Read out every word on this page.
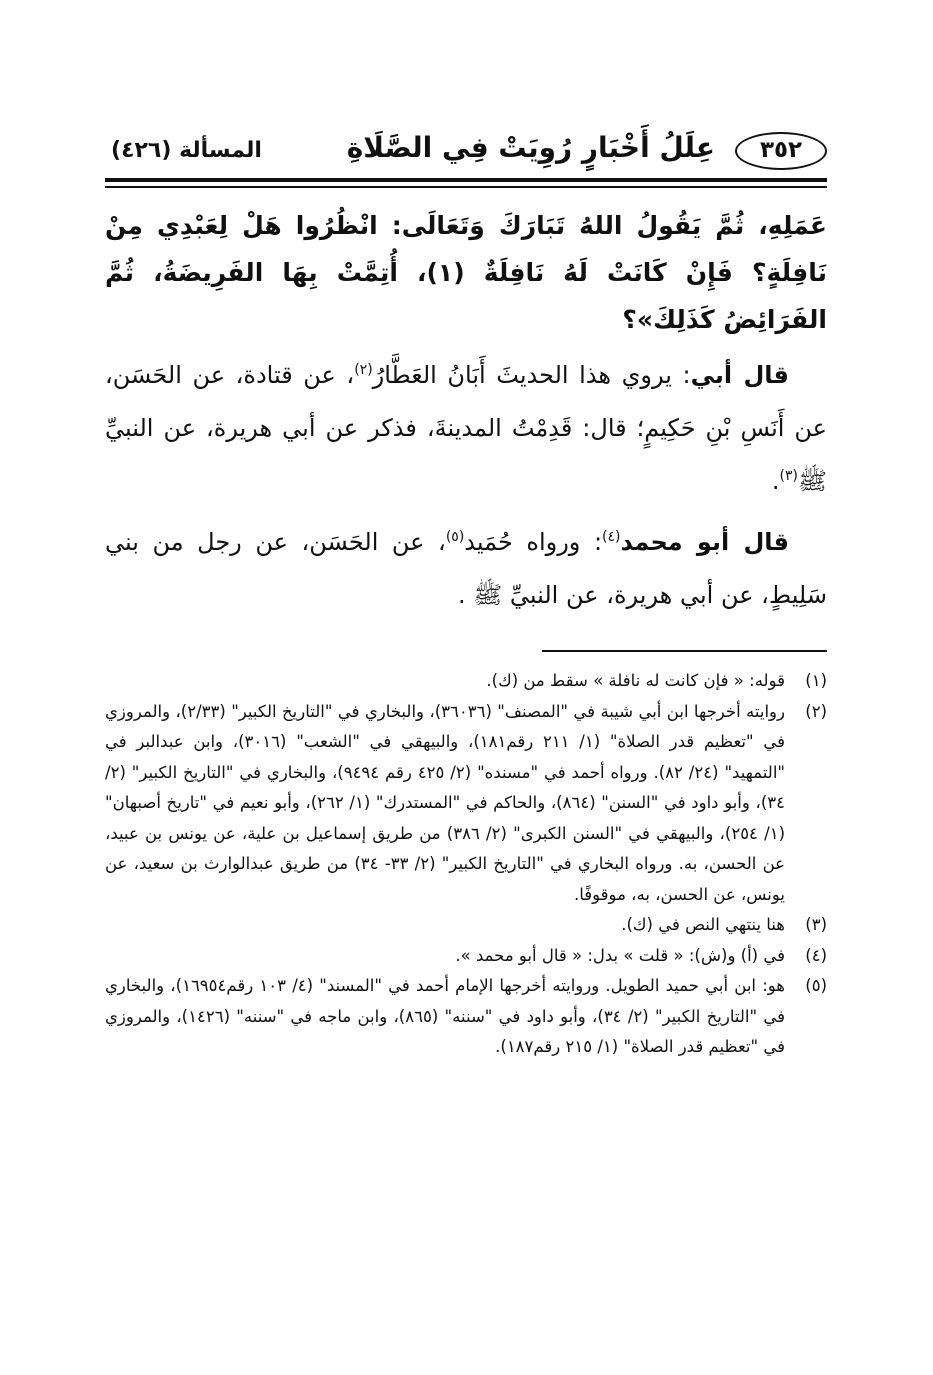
٣٥٢
عِلَلُ أَخْبَارٍ رُوِيَتْ فِي الصَّلَاةِ
المسألة (٤٢٦)

عَمَلِهِ، ثُمَّ يَقُولُ اللهُ تَبَارَكَ وَتَعَالَى: انْظُرُوا هَلْ لِعَبْدِي مِنْ نَافِلَةٍ؟ فَإِنْ كَانَتْ لَهُ نَافِلَةٌ (١)، أُتِمَّتْ بِهَا الفَرِيضَةُ، ثُمَّ الفَرَائِضُ كَذَلِكَ»؟

قال أبي: يروي هذا الحديثَ أَبَانُ العَطَّارُ$^{(٢)}$، عن قتادة، عن الحَسَن، عن أَنَسِ بْنِ حَكِيمٍ؛ قال: قَدِمْتُ المدينةَ، فذكر عن أبي هريرة، عن النبيِّ ﷺ$^{(٣)}$.

قال أبو محمد$^{(٤)}$: ورواه حُمَيد$^{(٥)}$، عن الحَسَن، عن رجل من بني سَلِيطٍ، عن أبي هريرة، عن النبيِّ ﷺ .

(١)
قوله: « فإن كانت له نافلة » سقط من (ك).

(٢)
روايته أخرجها ابن أبي شيبة في "المصنف" (٣٦٠٣٦)، والبخاري في "التاريخ الكبير" (٢/٣٣)، والمروزي في "تعظيم قدر الصلاة" (١/ ٢١١ رقم١٨١)، والبيهقي في "الشعب" (٣٠١٦)، وابن عبدالبر في "التمهيد" (٢٤/ ٨٢). ورواه أحمد في "مسنده" (٢/ ٤٢٥ رقم ٩٤٩٤)، والبخاري في "التاريخ الكبير" (٢/ ٣٤)، وأبو داود في "السنن" (٨٦٤)، والحاكم في "المستدرك" (١/ ٢٦٢)، وأبو نعيم في "تاريخ أصبهان" (١/ ٢٥٤)، والبيهقي في "السنن الكبرى" (٢/ ٣٨٦) من طريق إسماعيل بن علية، عن يونس بن عبيد، عن الحسن، به. ورواه البخاري في "التاريخ الكبير" (٢/ ٣٣- ٣٤) من طريق عبدالوارث بن سعيد، عن يونس، عن الحسن، به، موقوفًا.

(٣)
هنا ينتهي النص في (ك).

(٤)
في (أ) و(ش): « قلت » بدل: « قال أبو محمد ».

(٥)
هو: ابن أبي حميد الطويل. وروايته أخرجها الإمام أحمد في "المسند" (٤/ ١٠٣ رقم١٦٩٥٤)، والبخاري في "التاريخ الكبير" (٢/ ٣٤)، وأبو داود في "سننه" (٨٦٥)، وابن ماجه في "سننه" (١٤٢٦)، والمروزي في "تعظيم قدر الصلاة" (١/ ٢١٥ رقم١٨٧).
